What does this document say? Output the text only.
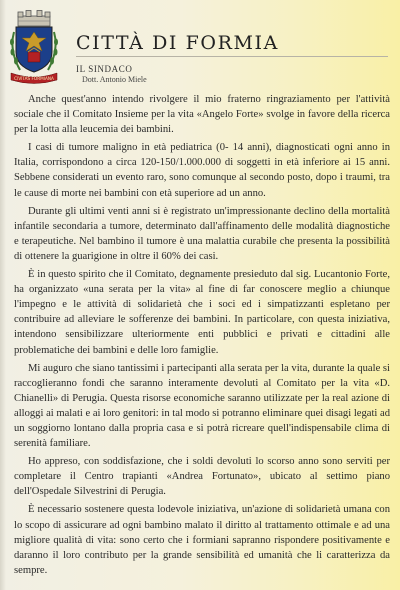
CIVITAS FORMIANA
CITTÀ DI FORMIA
IL SINDACO
Dott. Antonio Miele

Anche quest'anno intendo rivolgere il mio fraterno ringraziamento per l'attività sociale che il Comitato Insieme per la vita «Angelo Forte» svolge in favore della ricerca per la lotta alla leucemia dei bambini.

I casi di tumore maligno in età pediatrica (0- 14 anni), diagnosticati ogni anno in Italia, corrispondono a circa 120-150/1.000.000 di soggetti in età inferiore ai 15 anni. Sebbene considerati un evento raro, sono comunque al secondo posto, dopo i traumi, tra le cause di morte nei bambini con età superiore ad un anno.

Durante gli ultimi venti anni si è registrato un'impressionante declino della mortalità infantile secondaria a tumore, determinato dall'affinamento delle modalità diagnostiche e terapeutiche. Nel bambino il tumore è una malattia curabile che presenta la possibilità di ottenere la guarigione in oltre il 60% dei casi.

È in questo spirito che il Comitato, degnamente presieduto dal sig. Lucantonio Forte, ha organizzato «una serata per la vita» al fine di far conoscere meglio a chiunque l'impegno e le attività di solidarietà che i soci ed i simpatizzanti espletano per contribuire ad alleviare le sofferenze dei bambini. In particolare, con questa iniziativa, intendono sensibilizzare ulteriormente enti pubblici e privati e cittadini alle problematiche dei bambini e delle loro famiglie.

Mi auguro che siano tantissimi i partecipanti alla serata per la vita, durante la quale si raccoglieranno fondi che saranno interamente devoluti al Comitato per la vita «D. Chianelli» di Perugia. Questa risorse economiche saranno utilizzate per la real azione di alloggi ai malati e ai loro genitori: in tal modo si potranno eliminare quei disagi legati ad un soggiorno lontano dalla propria casa e si potrà ricreare quell'indispensabile clima di serenità familiare.

Ho appreso, con soddisfazione, che i soldi devoluti lo scorso anno sono serviti per completare il Centro trapianti «Andrea Fortunato», ubicato al settimo piano dell'Ospedale Silvestrini di Perugia.

È necessario sostenere questa lodevole iniziativa, un'azione di solidarietà umana con lo scopo di assicurare ad ogni bambino malato il diritto al trattamento ottimale e ad una migliore qualità di vita: sono certo che i formiani sapranno rispondere positivamente e daranno il loro contributo per la grande sensibilità ed umanità che li caratterizza da sempre.
